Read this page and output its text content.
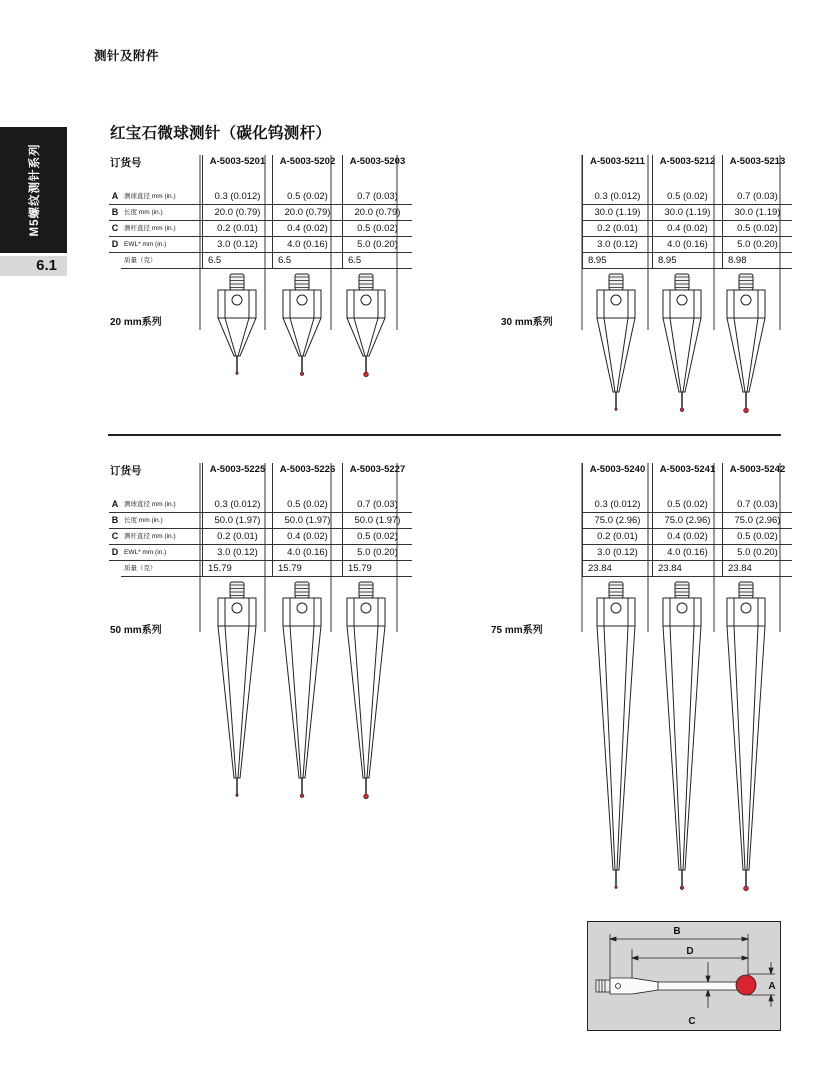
测针及附件
M5螺纹测针系列
6.1
红宝石微球测针（碳化钨测杆）
订货号
			A-5003-5201	A-5003-5202	A-5003-5203
A	测球直径 mm (in.)	0.3 (0.012)	0.5 (0.02)	0.7 (0.03)
B	长度 mm (in.)	20.0 (0.79)	20.0 (0.79)	20.0 (0.79)
C	测杆直径 mm (in.)	0.2 (0.01)	0.4 (0.02)	0.5 (0.02)
D	EWL* mm (in.)	3.0 (0.12)	4.0 (0.16)	5.0 (0.20)
	质量（克）	6.5	6.5	6.5
20 mm系列
A-5003-5211	A-5003-5212	A-5003-5213
0.3 (0.012)	0.5 (0.02)	0.7 (0.03)
30.0 (1.19)	30.0 (1.19)	30.0 (1.19)
0.2 (0.01)	0.4 (0.02)	0.5 (0.02)
3.0 (0.12)	4.0 (0.16)	5.0 (0.20)
8.95	8.95	8.98
30 mm系列
订货号
			A-5003-5225	A-5003-5226	A-5003-5227
A	测球直径 mm (in.)	0.3 (0.012)	0.5 (0.02)	0.7 (0.03)
B	长度 mm (in.)	50.0 (1.97)	50.0 (1.97)	50.0 (1.97)
C	测杆直径 mm (in.)	0.2 (0.01)	0.4 (0.02)	0.5 (0.02)
D	EWL* mm (in.)	3.0 (0.12)	4.0 (0.16)	5.0 (0.20)
	质量（克）	15.79	15.79	15.79
50 mm系列
A-5003-5240	A-5003-5241	A-5003-5242
0.3 (0.012)	0.5 (0.02)	0.7 (0.03)
75.0 (2.96)	75.0 (2.96)	75.0 (2.96)
0.2 (0.01)	0.4 (0.02)	0.5 (0.02)
3.0 (0.12)	4.0 (0.16)	5.0 (0.20)
23.84	23.84	23.84
75 mm系列
B
D
A
C
